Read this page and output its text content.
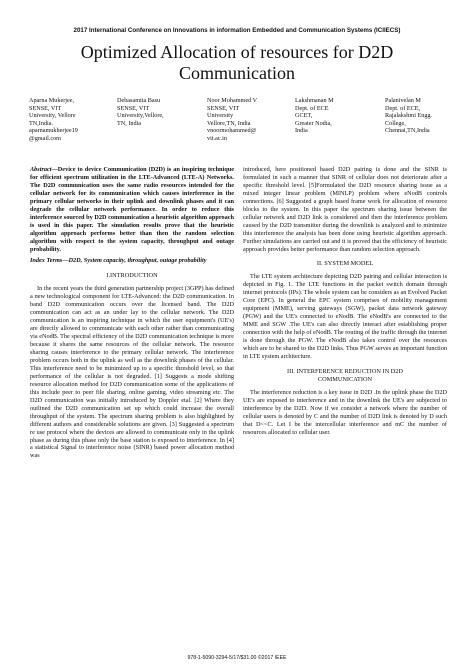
2017 International Conference on Innovations in information Embedded and Communication Systems (ICIIECS)
Optimized Allocation of resources for D2D
Communication
Aparna Mukerjee,
SENSE, VIT
University, Vellore
TN,India.
aparnamukherjee19
@gmail.com
Debasamita Basu
SENSE, VIT
University,Vellore,
TN, India
Noor Mohammed V
SENSE, VIT
University
Vellore,TN, India
vnoormohammed@
vit.ac.in
Lakshmanan M
Dept. of ECE
GCET,
Greater Nodia,
India
Palanivelan M
Dept. of ECE,
Rajalakshmi Engg.
College,
Chennai,TN,India

Abstract—Device to device Communication (D2D) is an inspiring technique for efficient spectrum utilization in the LTE-Advanced (LTE-A) Networks. The D2D communication uses the same radio resources intended for the cellular network for its communication which causes interference in the primary cellular networks in their uplink and downlink phases and it can degrade the cellular network performance. In order to reduce this interference sourced by D2D communication a heuristic algorithm approach is used in this paper. The simulation results prove that the heuristic algorithm approach performs better than then the random selection algorithm with respect to the system capacity, throughput and outage probability.

Index Terms—D2D, System capacity, throughput, outage probability

I.INTRODUCTION

In the recent years the third generation partnership project (3GPP) has defined a new technological component for LTE-Advanced: the D2D communication. In band D2D communication occurs over the licensed band. The D2D communication can act as an under lay to the cellular network. The D2D communication is an inspiring technique in which the user equipment's (UE's) are directly allowed to communicate with each other rather than communicating via eNodB. The spectral efficiency of the D2D communication technique is more because it shares the same resources of the cellular network. The resource sharing causes interference to the primary cellular network. The interference problem occurs both in the uplink as well as the downlink phases of the cellular. This interference need to be minimized up to a specific threshold level, so that performance of the cellular is not degraded. [1] Suggests a mode shifting resource allocation method for D2D communication some of the applications of this include peer to peer file sharing, online gaming, video streaming etc. The D2D communication was initially introduced by Doppler etal. [2] Where they outlined the D2D communication set up which could increase the overall throughput of the system. The spectrum sharing problem is also highlighted by different authors and considerable solutions are given. [3] Suggested a spectrum re use protocol where the devices are allowed to communicate only in the uplink phase as during this phase only the base station is exposed to interference. In [4] a statistical Signal to interference noise (SINR) based power allocation method was

introduced, here positioned based D2D pairing is done and the SINR is formulated in such a manner that SINR of cellular does not deteriorate after a specific threshold level. [5]Formulated the D2D resource sharing issue as a mixed integer linear problem (MINLP) problem where eNodB controls connections. [6] Suggested a graph based frame work for allocation of resource blocks to the system. In this paper the spectrum sharing issue between the cellular network and D2D link is considered and then the interference problem caused by the D2D transmitter during the downlink is analyzed and to minimize this interference the analysis has been done using heuristic algorithm approach. Further simulations are carried out and it is proved that the efficiency of heuristic approach provides better performance than random selection approach.

II. SYSTEM MODEL

The LTE system architecture depicting D2D pairing and cellular interaction is depicted in Fig. 1. The LTE functions in the packet switch domain through internet protocols (IPs). The whole system can be considers as an Evolved Packet Core (EPC). In general the EPC system comprises of mobility management equipment (MME), serving gateways (SGW), packet data network gateway (PGW) and the UE's connected to eNodB. The eNodB's are connected to the MME and SGW .The UE's can also directly interact after establishing proper connection with the help of eNodB. The routing of the traffic through the internet is done through the PGW. The eNodB also takes control over the resources which are to be shared to the D2D links. Thus PGW serves an important function in LTE system architecture.

III. INTERFERENCE REDUCTION IN D2D
COMMUNICATION

The interference reduction is a key issue in D2D .In the uplink phase the D2D UE's are exposed to interference and in the downlink the UE's are subjected to interference by the D2D. Now if we consider a network where the number of cellular users is denoted by C and the number of D2D link is denoted by D such that D<<C. Let I be the intercellular interference and mC the number of resources allocated to cellular user.

978-1-5090-3294-5/17/$31.00 ©2017 IEEE
